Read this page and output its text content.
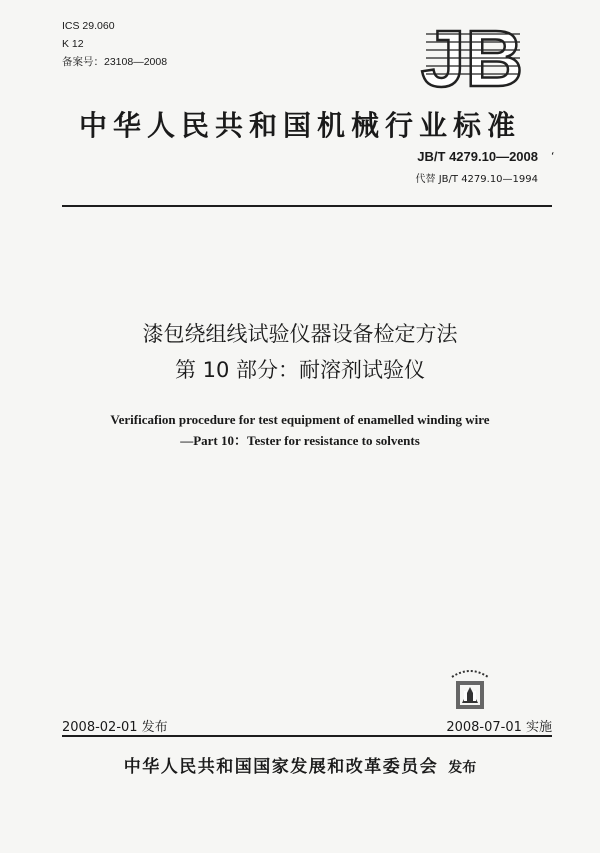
ICS 29.060
K 12
备案号：23108—2008	JB
中华人民共和国机械行业标准
JB/T 4279.10—2008 ‘
代替 JB/T 4279.10—1994
漆包绕组线试验仪器设备检定方法
第 10 部分：耐溶剂试验仪
Verificafion procedure for test equipment of enamelled winding wire
—Part 10：Tester for resistance to solvents
2008-02-01 发布	2008-07-01 实施
中华人民共和国国家发展和改革委员会 发布
